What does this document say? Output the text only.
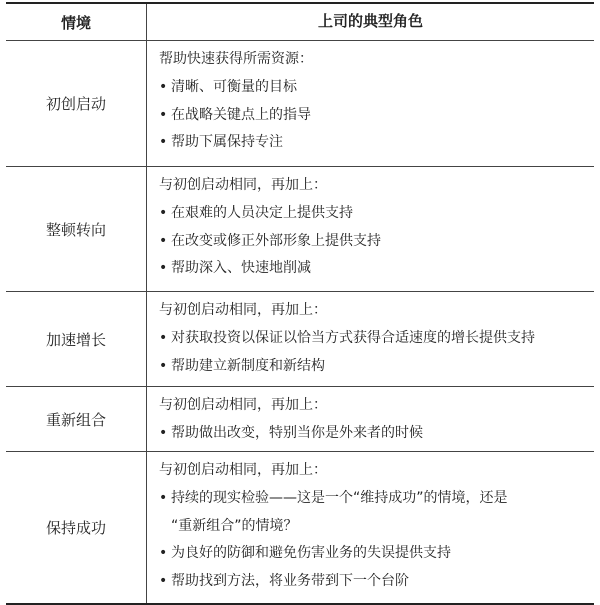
情境	上司的典型角色
初创启动
帮助快速获得所需资源：
• 清晰、可衡量的目标
• 在战略关键点上的指导
• 帮助下属保持专注
整顿转向
与初创启动相同，再加上：
• 在艰难的人员决定上提供支持
• 在改变或修正外部形象上提供支持
• 帮助深入、快速地削减
加速增长
与初创启动相同，再加上：
• 对获取投资以保证以恰当方式获得合适速度的增长提供支持
• 帮助建立新制度和新结构
重新组合
与初创启动相同，再加上：
• 帮助做出改变，特别当你是外来者的时候
保持成功
与初创启动相同，再加上：
• 持续的现实检验——这是一个“维持成功”的情境，还是
“重新组合”的情境？
• 为良好的防御和避免伤害业务的失误提供支持
• 帮助找到方法，将业务带到下一个台阶
